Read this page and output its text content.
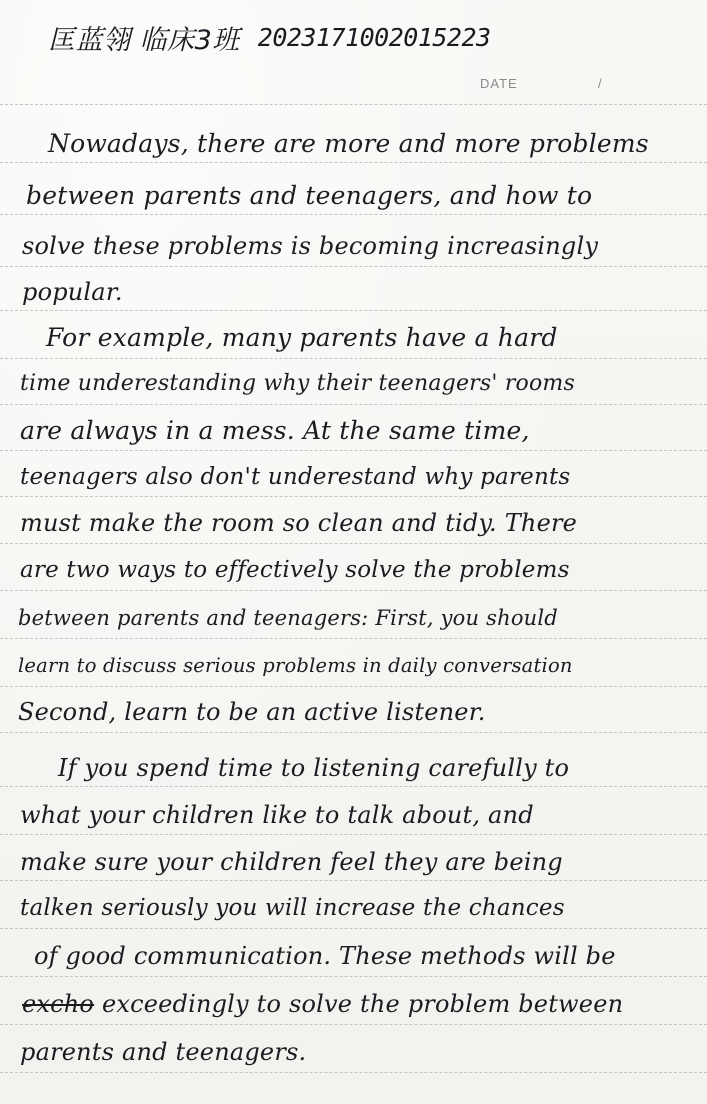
匡蓝翎 临床3班 2023171002015223
DATE	/
Nowadays, there are more and more problems
between parents and teenagers, and how to
solve these problems is becoming increasingly
popular.
For example, many parents have a hard
time underestanding why their teenagers' rooms
are always in a mess. At the same time,
teenagers also don't underestand why parents
must make the room so clean and tidy. There
are two ways to effectively solve the problems
between parents and teenagers: First, you should
learn to discuss serious problems in daily conversation
Second, learn to be an active listener.
If you spend time to listening carefully to
what your children like to talk about, and
make sure your children feel they are being
talken seriously you will increase the chances
of good communication. These methods will be
excho exceedingly to solve the problem between
parents and teenagers.
